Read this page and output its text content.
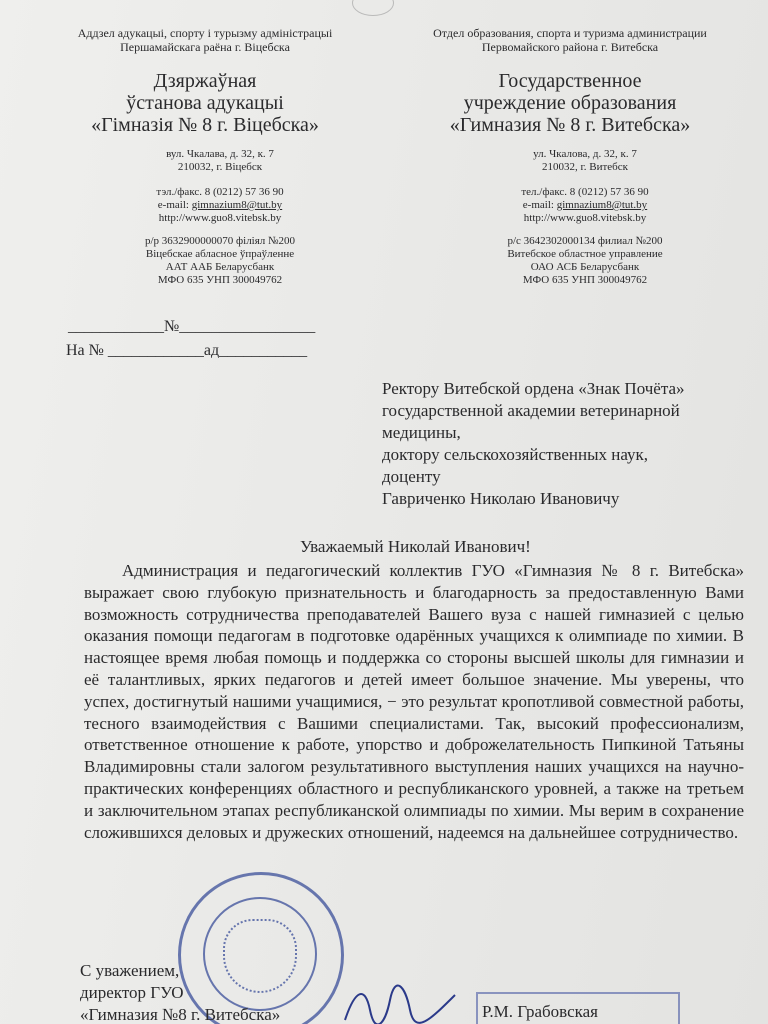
Аддзел адукацыі, спорту і турызму адміністрацыі
Першамайскага раёна г. Віцебска
Дзяржаўная
ўстанова адукацыі
«Гімназія № 8 г. Віцебска»
вул. Чкалава, д. 32, к. 7
210032, г. Віцебск
тэл./факс. 8 (0212) 57 36 90
e-mail: gimnazium8@tut.by
http://www.guo8.vitebsk.by
р/р 3632900000070 філіял №200
Віцебскае абласное ўпраўленне
ААТ ААБ Беларусбанк
МФО 635 УНП 300049762
Отдел образования, спорта и туризма администрации
Первомайского района г. Витебска
Государственное
учреждение образования
«Гимназия № 8 г. Витебска»
ул. Чкалова, д. 32, к. 7
210032, г. Витебск
тел./факс. 8 (0212) 57 36 90
e-mail: gimnazium8@tut.by
http://www.guo8.vitebsk.by
р/с 3642302000134 филиал №200
Витебское областное управление
ОАО АСБ Беларусбанк
МФО 635 УНП 300049762
____________№_________________
На № ____________ад___________
Ректору Витебской ордена «Знак Почёта»
государственной академии ветеринарной
медицины,
доктору сельскохозяйственных наук,
доценту
Гавриченко Николаю Ивановичу
Уважаемый Николай Иванович!
Администрация и педагогический коллектив ГУО «Гимназия № 8 г. Витебска» выражает свою глубокую признательность и благодарность за предоставленную Вами возможность сотрудничества преподавателей Вашего вуза с нашей гимназией с целью оказания помощи педагогам в подготовке одарённых учащихся к олимпиаде по химии. В настоящее время любая помощь и поддержка со стороны высшей школы для гимназии и её талантливых, ярких педагогов и детей имеет большое значение. Мы уверены, что успех, достигнутый нашими учащимися, − это результат кропотливой совместной работы, тесного взаимодействия с Вашими специалистами. Так, высокий профессионализм, ответственное отношение к работе, упорство и доброжелательность Пипкиной Татьяны Владимировны стали залогом результативного выступления наших учащихся на научно-практических конференциях областного и республиканского уровней, а также на третьем и заключительном этапах республиканской олимпиады по химии. Мы верим в сохранение сложившихся деловых и дружеских отношений, надеемся на дальнейшее сотрудничество.
С уважением,
директор ГУО
«Гимназия №8 г. Витебска»	Р.М. Грабовская
